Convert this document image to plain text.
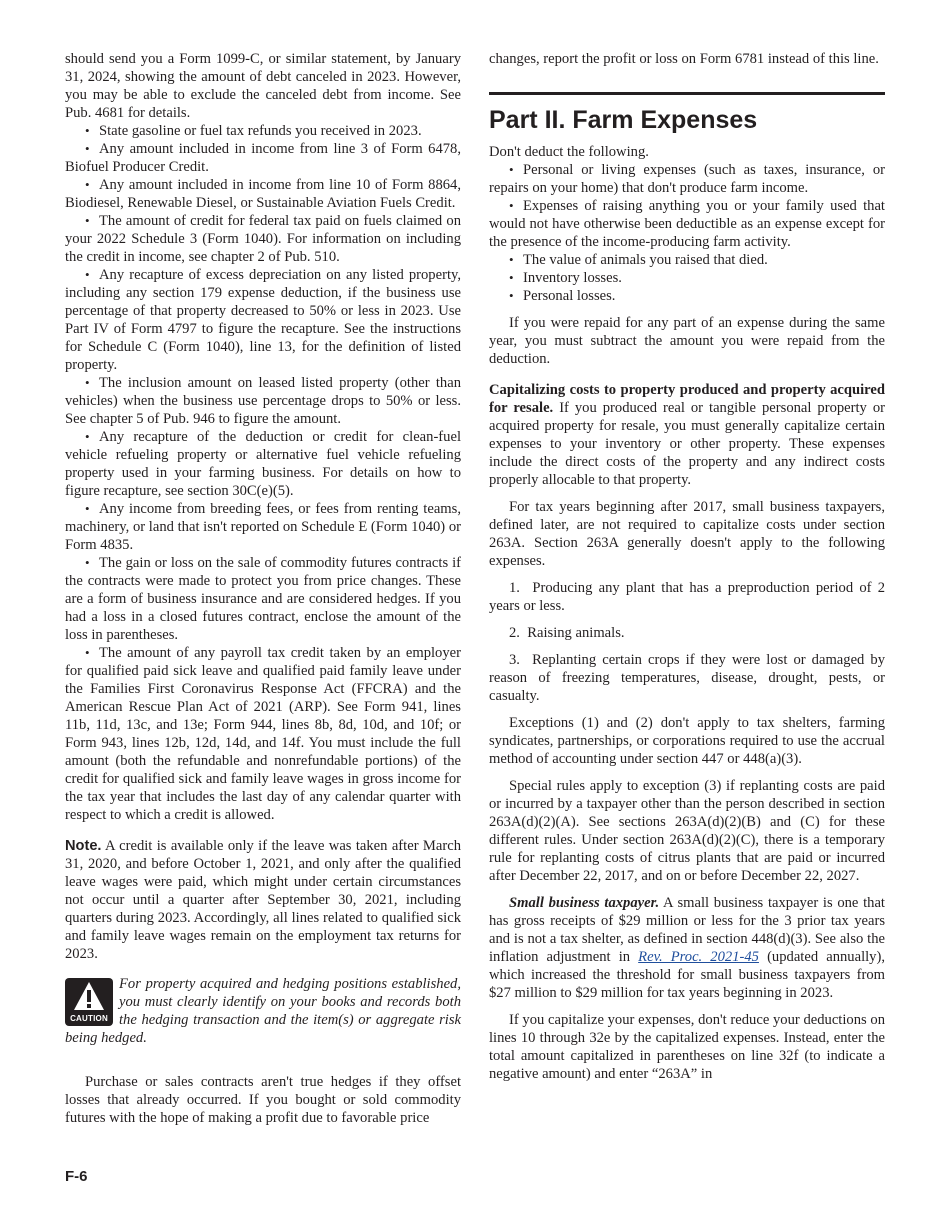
should send you a Form 1099-C, or similar statement, by January 31, 2024, showing the amount of debt canceled in 2023. However, you may be able to exclude the canceled debt from income. See Pub. 4681 for details.

• State gasoline or fuel tax refunds you received in 2023.

• Any amount included in income from line 3 of Form 6478, Biofuel Producer Credit.

• Any amount included in income from line 10 of Form 8864, Biodiesel, Renewable Diesel, or Sustainable Aviation Fuels Credit.

• The amount of credit for federal tax paid on fuels claimed on your 2022 Schedule 3 (Form 1040). For information on including the credit in income, see chapter 2 of Pub. 510.

• Any recapture of excess depreciation on any listed property, including any section 179 expense deduction, if the business use percentage of that property decreased to 50% or less in 2023. Use Part IV of Form 4797 to figure the recapture. See the instructions for Schedule C (Form 1040), line 13, for the definition of listed property.

• The inclusion amount on leased listed property (other than vehicles) when the business use percentage drops to 50% or less. See chapter 5 of Pub. 946 to figure the amount.

• Any recapture of the deduction or credit for clean-fuel vehicle refueling property or alternative fuel vehicle refueling property used in your farming business. For details on how to figure recapture, see section 30C(e)(5).

• Any income from breeding fees, or fees from renting teams, machinery, or land that isn't reported on Schedule E (Form 1040) or Form 4835.

• The gain or loss on the sale of commodity futures contracts if the contracts were made to protect you from price changes. These are a form of business insurance and are considered hedges. If you had a loss in a closed futures contract, enclose the amount of the loss in parentheses.

• The amount of any payroll tax credit taken by an employer for qualified paid sick leave and qualified paid family leave under the Families First Coronavirus Response Act (FFCRA) and the American Rescue Plan Act of 2021 (ARP). See Form 941, lines 11b, 11d, 13c, and 13e; Form 944, lines 8b, 8d, 10d, and 10f; or Form 943, lines 12b, 12d, 14d, and 14f. You must include the full amount (both the refundable and nonrefundable portions) of the credit for qualified sick and family leave wages in gross income for the tax year that includes the last day of any calendar quarter with respect to which a credit is allowed.

Note. A credit is available only if the leave was taken after March 31, 2020, and before October 1, 2021, and only after the qualified leave wages were paid, which might under certain circumstances not occur until a quarter after September 30, 2021, including quarters during 2023. Accordingly, all lines related to qualified sick and family leave wages remain on the employment tax returns for 2023.

CAUTION
For property acquired and hedging positions established, you must clearly identify on your books and records both the hedging transaction and the item(s) or aggregate risk being hedged.

Purchase or sales contracts aren't true hedges if they offset losses that already occurred. If you bought or sold commodity futures with the hope of making a profit due to favorable price

changes, report the profit or loss on Form 6781 instead of this line.

Part II. Farm Expenses

Don't deduct the following.

• Personal or living expenses (such as taxes, insurance, or repairs on your home) that don't produce farm income.

• Expenses of raising anything you or your family used that would not have otherwise been deductible as an expense except for the presence of the income-producing farm activity.

• The value of animals you raised that died.

• Inventory losses.

• Personal losses.

If you were repaid for any part of an expense during the same year, you must subtract the amount you were repaid from the deduction.

Capitalizing costs to property produced and property acquired for resale. If you produced real or tangible personal property or acquired property for resale, you must generally capitalize certain expenses to your inventory or other property. These expenses include the direct costs of the property and any indirect costs properly allocable to that property.

For tax years beginning after 2017, small business taxpayers, defined later, are not required to capitalize costs under section 263A. Section 263A generally doesn't apply to the following expenses.

1. Producing any plant that has a preproduction period of 2 years or less.

2. Raising animals.

3. Replanting certain crops if they were lost or damaged by reason of freezing temperatures, disease, drought, pests, or casualty.

Exceptions (1) and (2) don't apply to tax shelters, farming syndicates, partnerships, or corporations required to use the accrual method of accounting under section 447 or 448(a)(3).

Special rules apply to exception (3) if replanting costs are paid or incurred by a taxpayer other than the person described in section 263A(d)(2)(A). See sections 263A(d)(2)(B) and (C) for these different rules. Under section 263A(d)(2)(C), there is a temporary rule for replanting costs of citrus plants that are paid or incurred after December 22, 2017, and on or before December 22, 2027.

Small business taxpayer. A small business taxpayer is one that has gross receipts of $29 million or less for the 3 prior tax years and is not a tax shelter, as defined in section 448(d)(3). See also the inflation adjustment in Rev. Proc. 2021-45 (updated annually), which increased the threshold for small business taxpayers from $27 million to $29 million for tax years beginning in 2023.

If you capitalize your expenses, don't reduce your deductions on lines 10 through 32e by the capitalized expenses. Instead, enter the total amount capitalized in parentheses on line 32f (to indicate a negative amount) and enter “263A” in

F-6
